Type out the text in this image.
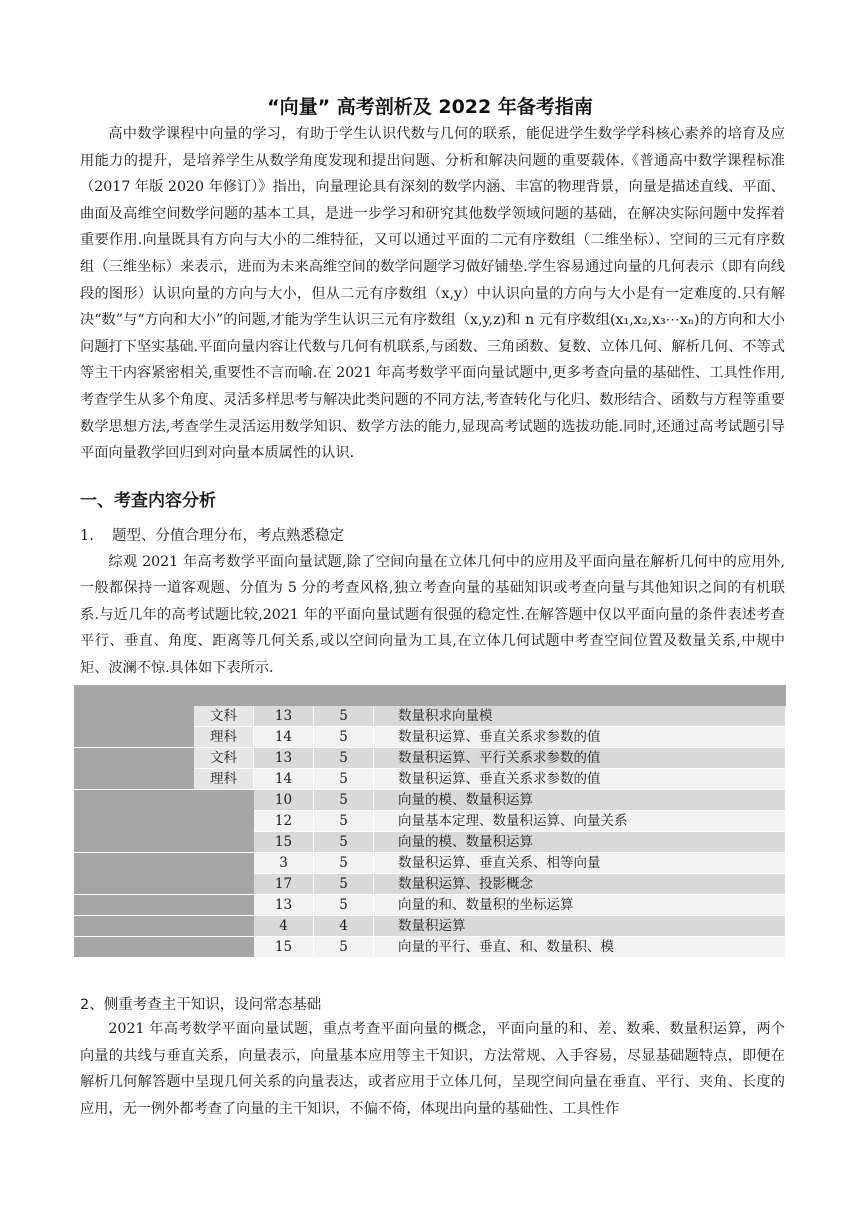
“向量” 高考剖析及 2022 年备考指南

高中数学课程中向量的学习，有助于学生认识代数与几何的联系，能促进学生数学学科核心素养的培育及应用能力的提升，是培养学生从数学角度发现和提出问题、分析和解决问题的重要载体.《普通高中数学课程标准（2017 年版 2020 年修订）》指出，向量理论具有深刻的数学内涵、丰富的物理背景，向量是描述直线、平面、曲面及高维空间数学问题的基本工具，是进一步学习和研究其他数学领域问题的基础，在解决实际问题中发挥着重要作用.向量既具有方向与大小的二维特征，又可以通过平面的二元有序数组（二维坐标）、空间的三元有序数组（三维坐标）来表示，进而为未来高维空间的数学问题学习做好铺垫.学生容易通过向量的几何表示（即有向线段的图形）认识向量的方向与大小，但从二元有序数组（x,y）中认识向量的方向与大小是有一定难度的.只有解决“数”与“方向和大小”的问题,才能为学生认识三元有序数组（x,y,z)和 n 元有序数组(x₁,x₂,x₃⋯xₙ)的方向和大小问题打下坚实基础.平面向量内容让代数与几何有机联系,与函数、三角函数、复数、立体几何、解析几何、不等式等主干内容紧密相关,重要性不言而喻.在 2021 年高考数学平面向量试题中,更多考查向量的基础性、工具性作用,考查学生从多个角度、灵活多样思考与解决此类问题的不同方法,考查转化与化归、数形结合、函数与方程等重要数学思想方法,考查学生灵活运用数学知识、数学方法的能力,显现高考试题的选拔功能.同时,还通过高考试题引导平面向量教学回归到对向量本质属性的认识.

一、考查内容分析
1. 题型、分值合理分布，考点熟悉稳定

综观 2021 年高考数学平面向量试题,除了空间向量在立体几何中的应用及平面向量在解析几何中的应用外,一般都保持一道客观题、分值为 5 分的考查风格,独立考查向量的基础知识或考查向量与其他知识之间的有机联系.与近几年的高考试题比较,2021 年的平面向量试题有很强的稳定性.在解答题中仅以平面向量的条件表述考查平行、垂直、角度、距离等几何关系,或以空间向量为工具,在立体几何试题中考查空间位置及数量关系,中规中矩、波澜不惊.具体如下表所示.

文科	13	5	数量积求向量模
理科	14	5	数量积运算、垂直关系求参数的值
文科	13	5	数量积运算、平行关系求参数的值
理科	14	5	数量积运算、垂直关系求参数的值
10	5	向量的模、数量积运算
12	5	向量基本定理、数量积运算、向量关系
15	5	向量的模、数量积运算
3	5	数量积运算、垂直关系、相等向量
17	5	数量积运算、投影概念
13	5	向量的和、数量积的坐标运算
4	4	数量积运算
15	5	向量的平行、垂直、和、数量积、模
2、侧重考查主干知识，设问常态基础

2021 年高考数学平面向量试题，重点考查平面向量的概念，平面向量的和、差、数乘、数量积运算，两个向量的共线与垂直关系，向量表示，向量基本应用等主干知识，方法常规、入手容易，尽显基础题特点，即便在解析几何解答题中呈现几何关系的向量表达，或者应用于立体几何，呈现空间向量在垂直、平行、夹角、长度的应用，无一例外都考查了向量的主干知识，不偏不倚，体现出向量的基础性、工具性作
